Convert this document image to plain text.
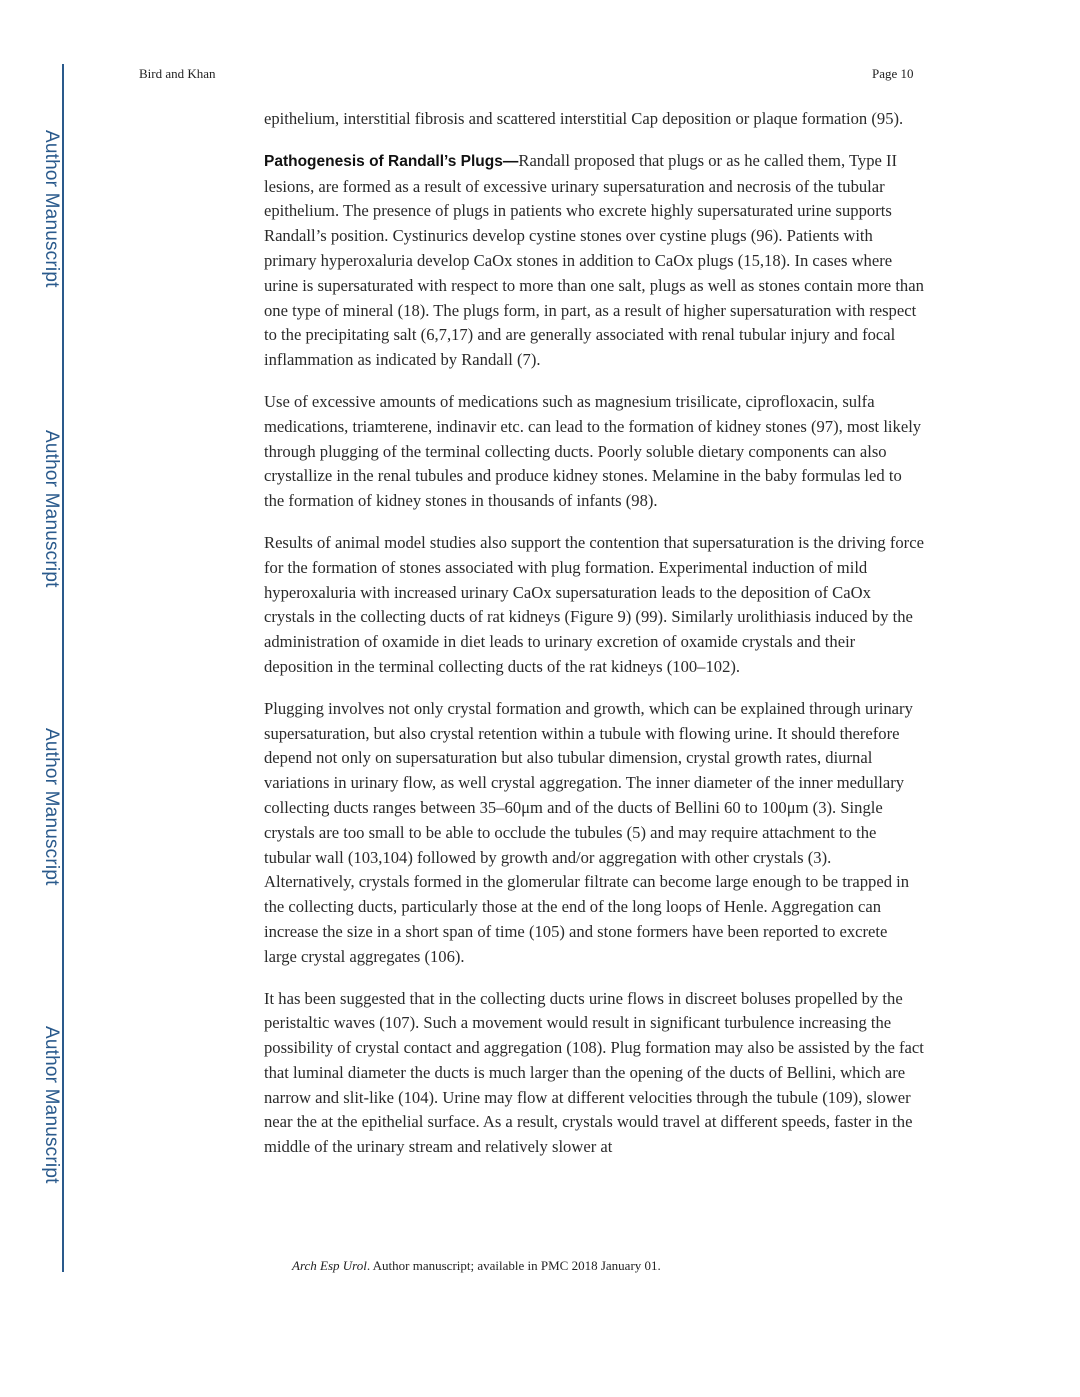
Author Manuscript
Author Manuscript
Author Manuscript
Author Manuscript
Bird and Khan	Page 10

epithelium, interstitial fibrosis and scattered interstitial Cap deposition or plaque formation (95).

Pathogenesis of Randall’s Plugs—Randall proposed that plugs or as he called them, Type II lesions, are formed as a result of excessive urinary supersaturation and necrosis of the tubular epithelium. The presence of plugs in patients who excrete highly supersaturated urine supports Randall’s position. Cystinurics develop cystine stones over cystine plugs (96). Patients with primary hyperoxaluria develop CaOx stones in addition to CaOx plugs (15,18). In cases where urine is supersaturated with respect to more than one salt, plugs as well as stones contain more than one type of mineral (18). The plugs form, in part, as a result of higher supersaturation with respect to the precipitating salt (6,7,17) and are generally associated with renal tubular injury and focal inflammation as indicated by Randall (7).

Use of excessive amounts of medications such as magnesium trisilicate, ciprofloxacin, sulfa medications, triamterene, indinavir etc. can lead to the formation of kidney stones (97), most likely through plugging of the terminal collecting ducts. Poorly soluble dietary components can also crystallize in the renal tubules and produce kidney stones. Melamine in the baby formulas led to the formation of kidney stones in thousands of infants (98).

Results of animal model studies also support the contention that supersaturation is the driving force for the formation of stones associated with plug formation. Experimental induction of mild hyperoxaluria with increased urinary CaOx supersaturation leads to the deposition of CaOx crystals in the collecting ducts of rat kidneys (Figure 9) (99). Similarly urolithiasis induced by the administration of oxamide in diet leads to urinary excretion of oxamide crystals and their deposition in the terminal collecting ducts of the rat kidneys (100–102).

Plugging involves not only crystal formation and growth, which can be explained through urinary supersaturation, but also crystal retention within a tubule with flowing urine. It should therefore depend not only on supersaturation but also tubular dimension, crystal growth rates, diurnal variations in urinary flow, as well crystal aggregation. The inner diameter of the inner medullary collecting ducts ranges between 35–60μm and of the ducts of Bellini 60 to 100μm (3). Single crystals are too small to be able to occlude the tubules (5) and may require attachment to the tubular wall (103,104) followed by growth and/or aggregation with other crystals (3). Alternatively, crystals formed in the glomerular filtrate can become large enough to be trapped in the collecting ducts, particularly those at the end of the long loops of Henle. Aggregation can increase the size in a short span of time (105) and stone formers have been reported to excrete large crystal aggregates (106).

It has been suggested that in the collecting ducts urine flows in discreet boluses propelled by the peristaltic waves (107). Such a movement would result in significant turbulence increasing the possibility of crystal contact and aggregation (108). Plug formation may also be assisted by the fact that luminal diameter the ducts is much larger than the opening of the ducts of Bellini, which are narrow and slit-like (104). Urine may flow at different velocities through the tubule (109), slower near the at the epithelial surface. As a result, crystals would travel at different speeds, faster in the middle of the urinary stream and relatively slower at

Arch Esp Urol. Author manuscript; available in PMC 2018 January 01.
